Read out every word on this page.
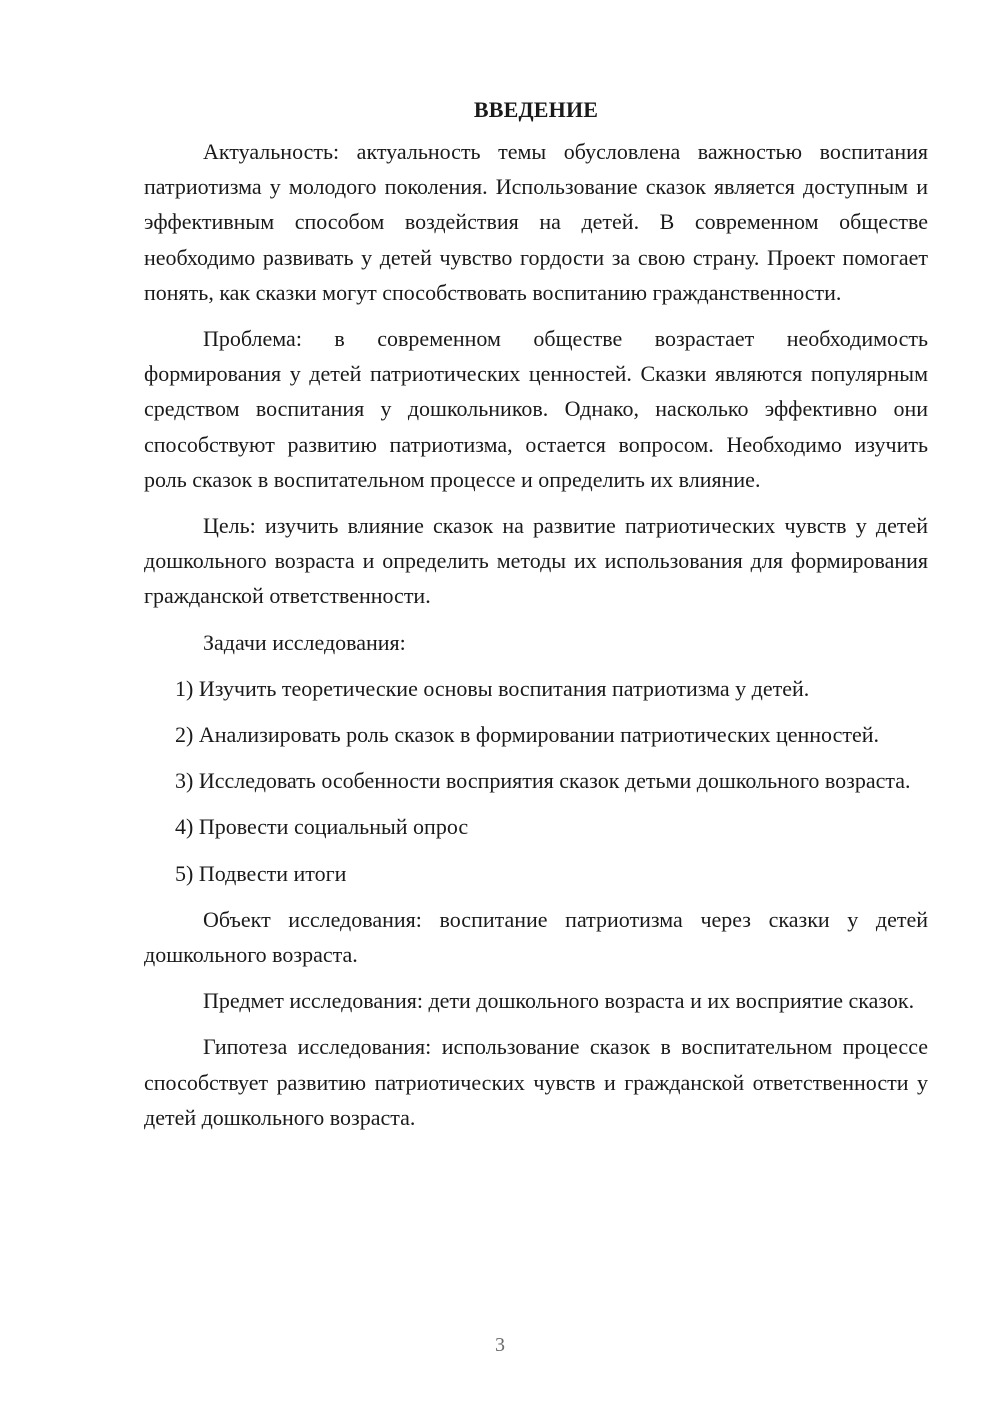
ВВЕДЕНИЕ

Актуальность: актуальность темы обусловлена важностью воспитания патриотизма у молодого поколения. Использование сказок является доступным и эффективным способом воздействия на детей. В современном обществе необходимо развивать у детей чувство гордости за свою страну. Проект помогает понять, как сказки могут способствовать воспитанию гражданственности.

Проблема: в современном обществе возрастает необходимость формирования у детей патриотических ценностей. Сказки являются популярным средством воспитания у дошкольников. Однако, насколько эффективно они способствуют развитию патриотизма, остается вопросом. Необходимо изучить роль сказок в воспитательном процессе и определить их влияние.

Цель: изучить влияние сказок на развитие патриотических чувств у детей дошкольного возраста и определить методы их использования для формирования гражданской ответственности.

Задачи исследования:

1) Изучить теоретические основы воспитания патриотизма у детей.

2) Анализировать роль сказок в формировании патриотических ценностей.

3) Исследовать особенности восприятия сказок детьми дошкольного возраста.

4) Провести социальный опрос

5) Подвести итоги

Объект исследования: воспитание патриотизма через сказки у детей дошкольного возраста.

Предмет исследования: дети дошкольного возраста и их восприятие сказок.

Гипотеза исследования: использование сказок в воспитательном процессе способствует развитию патриотических чувств и гражданской ответственности у детей дошкольного возраста.

3
